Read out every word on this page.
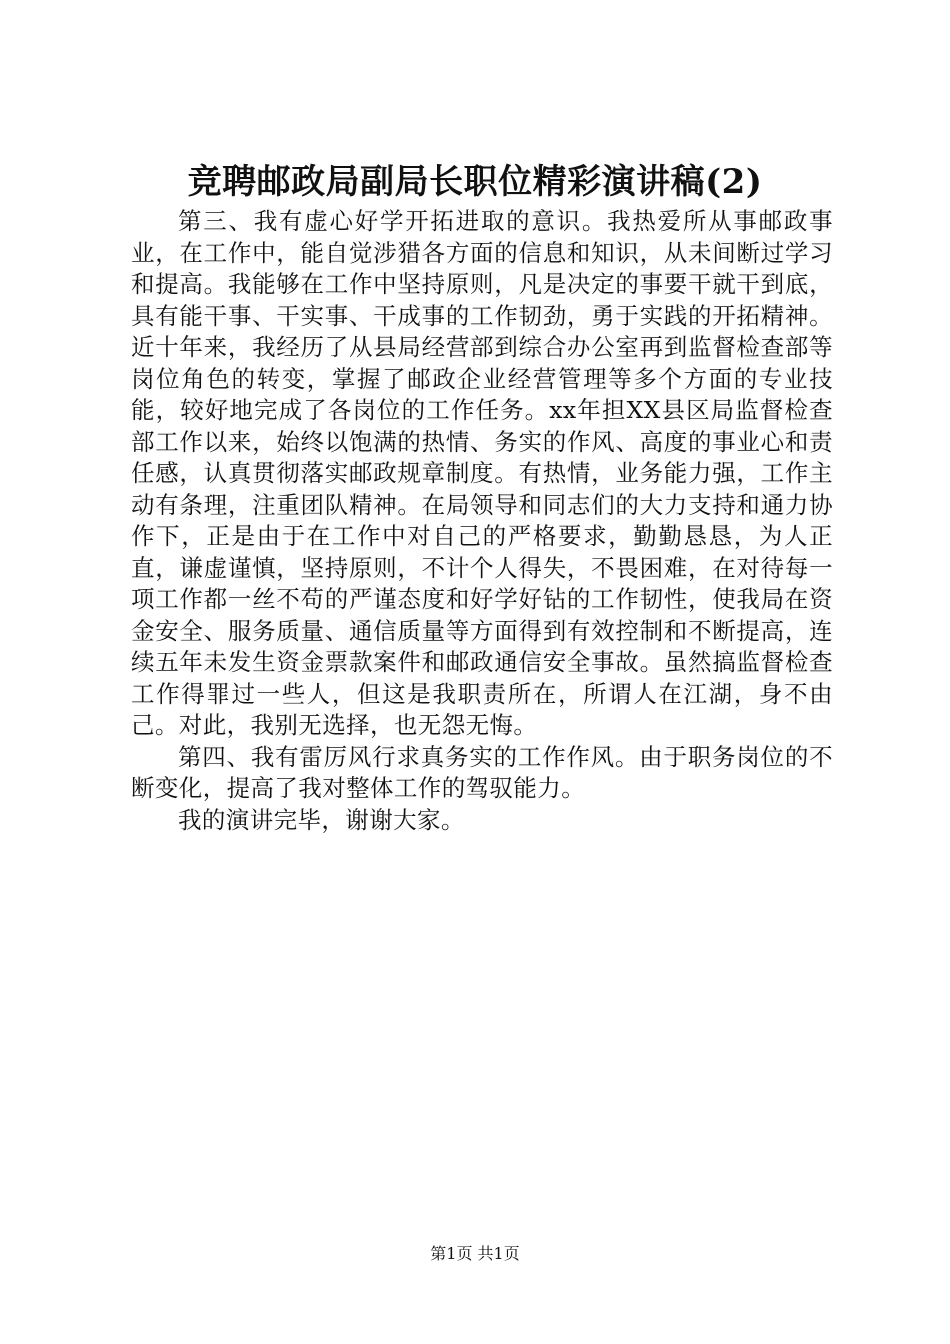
竞聘邮政局副局长职位精彩演讲稿(2)

第三、我有虚心好学开拓进取的意识。我热爱所从事邮政事业，在工作中，能自觉涉猎各方面的信息和知识，从未间断过学习和提高。我能够在工作中坚持原则，凡是决定的事要干就干到底，具有能干事、干实事、干成事的工作韧劲，勇于实践的开拓精神。近十年来，我经历了从县局经营部到综合办公室再到监督检查部等岗位角色的转变，掌握了邮政企业经营管理等多个方面的专业技能，较好地完成了各岗位的工作任务。xx年担XX县区局监督检查部工作以来，始终以饱满的热情、务实的作风、高度的事业心和责任感，认真贯彻落实邮政规章制度。有热情，业务能力强，工作主动有条理，注重团队精神。在局领导和同志们的大力支持和通力协作下，正是由于在工作中对自己的严格要求，勤勤恳恳，为人正直，谦虚谨慎，坚持原则，不计个人得失，不畏困难，在对待每一项工作都一丝不苟的严谨态度和好学好钻的工作韧性，使我局在资金安全、服务质量、通信质量等方面得到有效控制和不断提高，连续五年未发生资金票款案件和邮政通信安全事故。虽然搞监督检查工作得罪过一些人，但这是我职责所在，所谓人在江湖，身不由己。对此，我别无选择，也无怨无悔。

第四、我有雷厉风行求真务实的工作作风。由于职务岗位的不断变化，提高了我对整体工作的驾驭能力。

我的演讲完毕，谢谢大家。

第1页 共1页
